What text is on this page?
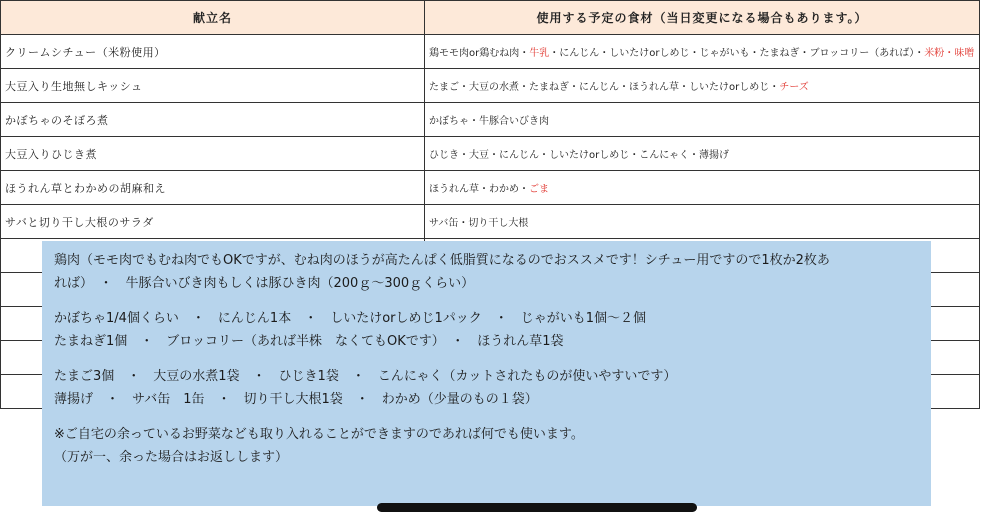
献立名	使用する予定の食材（当日変更になる場合もあります。）
クリームシチュー（米粉使用）	鶏モモ肉or鶏むね肉・牛乳・にんじん・しいたけorしめじ・じゃがいも・たまねぎ・ブロッコリー（あれば）・米粉・味噌
大豆入り生地無しキッシュ	たまご・大豆の水煮・たまねぎ・にんじん・ほうれん草・しいたけorしめじ・チーズ
かぼちゃのそぼろ煮	かぼちゃ・牛豚合いびき肉
大豆入りひじき煮	ひじき・大豆・にんじん・しいたけorしめじ・こんにゃく・薄揚げ
ほうれん草とわかめの胡麻和え	ほうれん草・わかめ・ごま
サバと切り干し大根のサラダ	サバ缶・切り干し大根

鶏肉（モモ肉でもむね肉でもOKですが、むね肉のほうが高たんぱく低脂質になるのでおススメです！シチュー用ですので1枚か2枚あ
れば）　・　牛豚合いびき肉もしくは豚ひき肉（200ｇ～300ｇくらい）

かぼちゃ1/4個くらい　・　にんじん1本　・　しいたけorしめじ1パック　・　じゃがいも1個～２個
たまねぎ1個　・　ブロッコリー（あれば半株　なくてもOKです）　・　ほうれん草1袋

たまご3個　・　大豆の水煮1袋　・　ひじき1袋　・　こんにゃく（カットされたものが使いやすいです）
薄揚げ　・　サバ缶　1缶　・　切り干し大根1袋　・　わかめ（少量のもの１袋）

※ご自宅の余っているお野菜なども取り入れることができますのであれば何でも使います。
（万が一、余った場合はお返しします）
